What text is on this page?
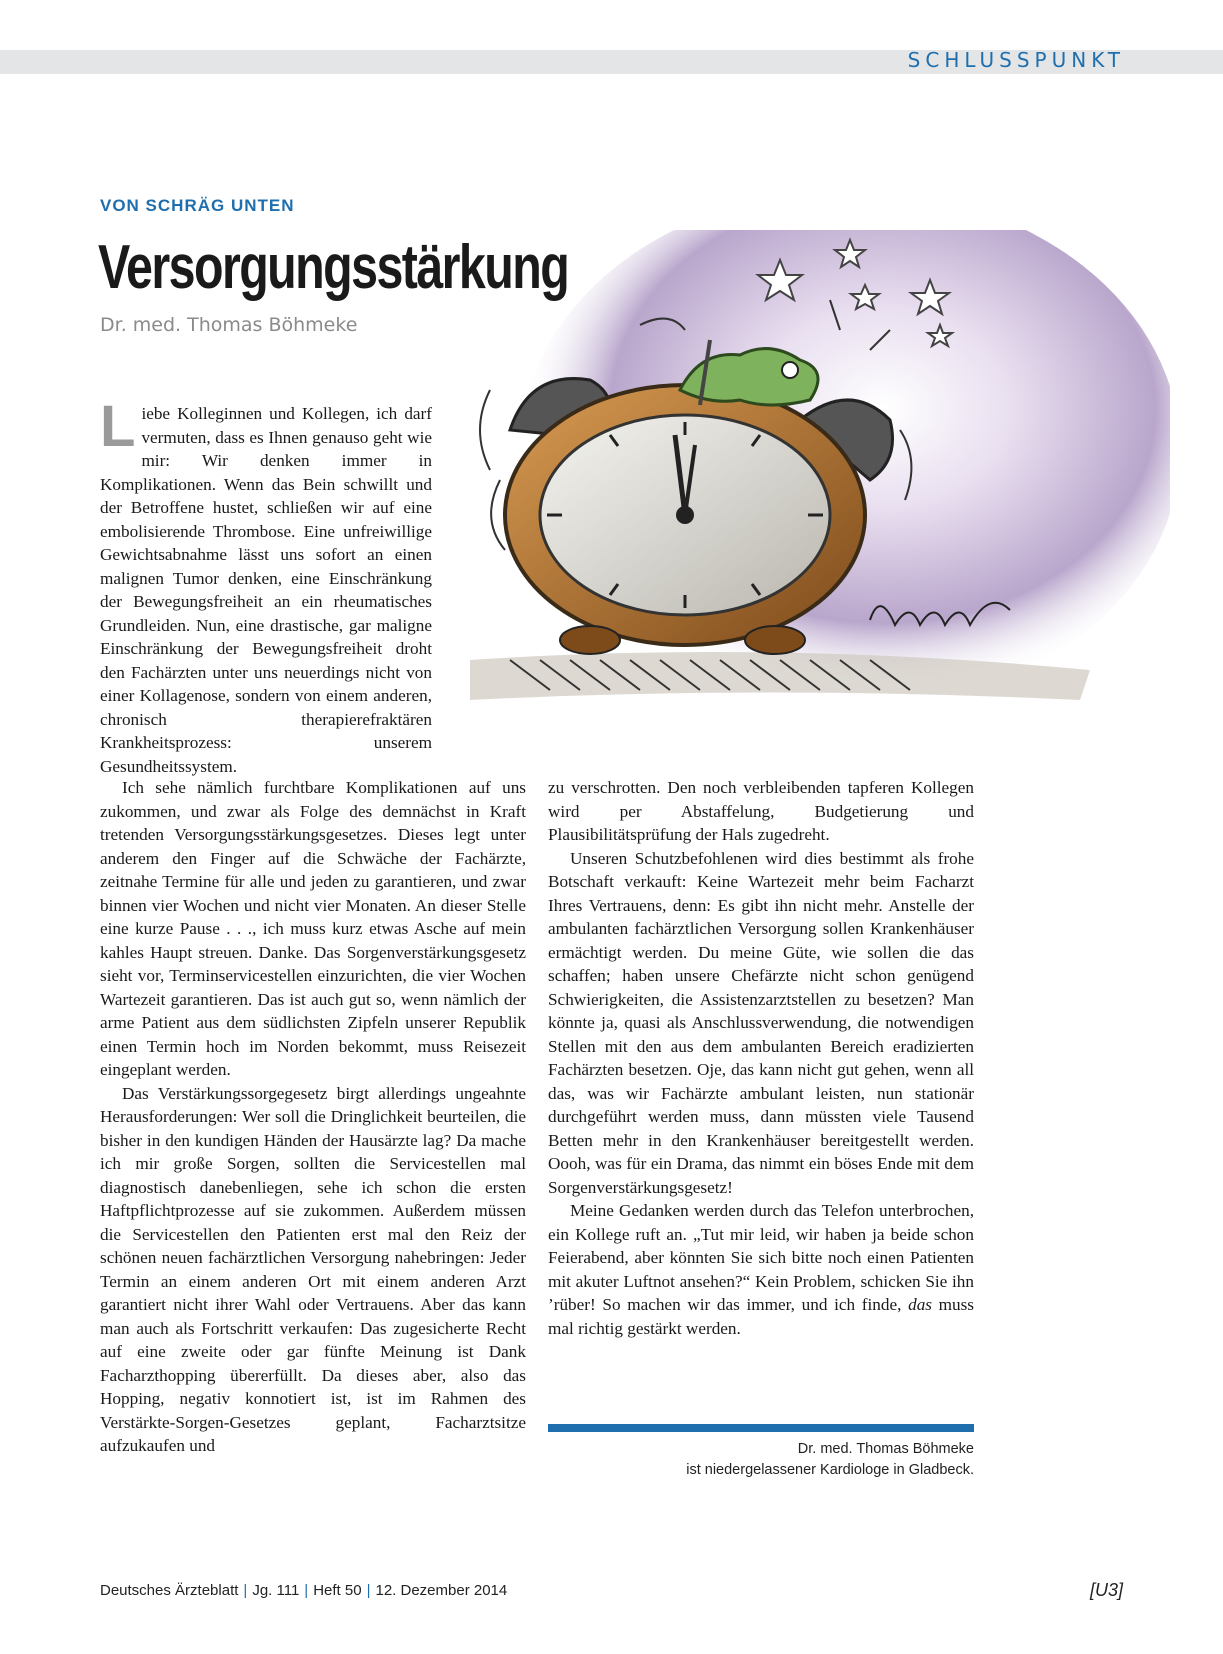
SCHLUSSPUNKT
VON SCHRÄG UNTEN
Versorgungsstärkung
Dr. med. Thomas Böhmeke

Liebe Kolleginnen und Kollegen, ich darf vermuten, dass es Ihnen genauso geht wie mir: Wir denken immer in Komplikationen. Wenn das Bein schwillt und der Betroffene hustet, schließen wir auf eine embolisierende Thrombose. Eine unfreiwillige Gewichtsabnahme lässt uns sofort an einen malignen Tumor denken, eine Einschränkung der Bewegungsfreiheit an ein rheumatisches Grundleiden. Nun, eine drastische, gar maligne Einschränkung der Bewegungsfreiheit droht den Fachärzten unter uns neuerdings nicht von einer Kollagenose, sondern von einem anderen, chronisch therapierefraktären Krankheitsprozess: unserem Gesundheitssystem.

Ich sehe nämlich furchtbare Komplikationen auf uns zukommen, und zwar als Folge des demnächst in Kraft tretenden Versorgungsstärkungsgesetzes. Dieses legt unter anderem den Finger auf die Schwäche der Fachärzte, zeitnahe Termine für alle und jeden zu garantieren, und zwar binnen vier Wochen und nicht vier Monaten. An dieser Stelle eine kurze Pause . . ., ich muss kurz etwas Asche auf mein kahles Haupt streuen. Danke. Das Sorgenverstärkungsgesetz sieht vor, Terminservicestellen einzurichten, die vier Wochen Wartezeit garantieren. Das ist auch gut so, wenn nämlich der arme Patient aus dem südlichsten Zipfeln unserer Republik einen Termin hoch im Norden bekommt, muss Reisezeit eingeplant werden.

Das Verstärkungssorgegesetz birgt allerdings ungeahnte Herausforderungen: Wer soll die Dringlichkeit beurteilen, die bisher in den kundigen Händen der Hausärzte lag? Da mache ich mir große Sorgen, sollten die Servicestellen mal diagnostisch danebenliegen, sehe ich schon die ersten Haftpflichtprozesse auf sie zukommen. Außerdem müssen die Servicestellen den Patienten erst mal den Reiz der schönen neuen fachärztlichen Versorgung nahebringen: Jeder Termin an einem anderen Ort mit einem anderen Arzt garantiert nicht ihrer Wahl oder Vertrauens. Aber das kann man auch als Fortschritt verkaufen: Das zugesicherte Recht auf eine zweite oder gar fünfte Meinung ist Dank Facharzthopping übererfüllt. Da dieses aber, also das Hopping, negativ konnotiert ist, ist im Rahmen des Verstärkte-Sorgen-Gesetzes geplant, Facharztsitze aufzukaufen und

zu verschrotten. Den noch verbleibenden tapferen Kollegen wird per Abstaffelung, Budgetierung und Plausibilitätsprüfung der Hals zugedreht.

Unseren Schutzbefohlenen wird dies bestimmt als frohe Botschaft verkauft: Keine Wartezeit mehr beim Facharzt Ihres Vertrauens, denn: Es gibt ihn nicht mehr. Anstelle der ambulanten fachärztlichen Versorgung sollen Krankenhäuser ermächtigt werden. Du meine Güte, wie sollen die das schaffen; haben unsere Chefärzte nicht schon genügend Schwierigkeiten, die Assistenzarztstellen zu besetzen? Man könnte ja, quasi als Anschlussverwendung, die notwendigen Stellen mit den aus dem ambulanten Bereich eradizierten Fachärzten besetzen. Oje, das kann nicht gut gehen, wenn all das, was wir Fachärzte ambulant leisten, nun stationär durchgeführt werden muss, dann müssten viele Tausend Betten mehr in den Krankenhäuser bereitgestellt werden. Oooh, was für ein Drama, das nimmt ein böses Ende mit dem Sorgenverstärkungsgesetz!

Meine Gedanken werden durch das Telefon unterbrochen, ein Kollege ruft an. „Tut mir leid, wir haben ja beide schon Feierabend, aber könnten Sie sich bitte noch einen Patienten mit akuter Luftnot ansehen?“ Kein Problem, schicken Sie ihn ’rüber! So machen wir das immer, und ich finde, das muss mal richtig gestärkt werden.

Dr. med. Thomas Böhmeke
ist niedergelassener Kardiologe in Gladbeck.
Deutsches Ärzteblatt | Jg. 111 | Heft 50 | 12. Dezember 2014	[U3]
